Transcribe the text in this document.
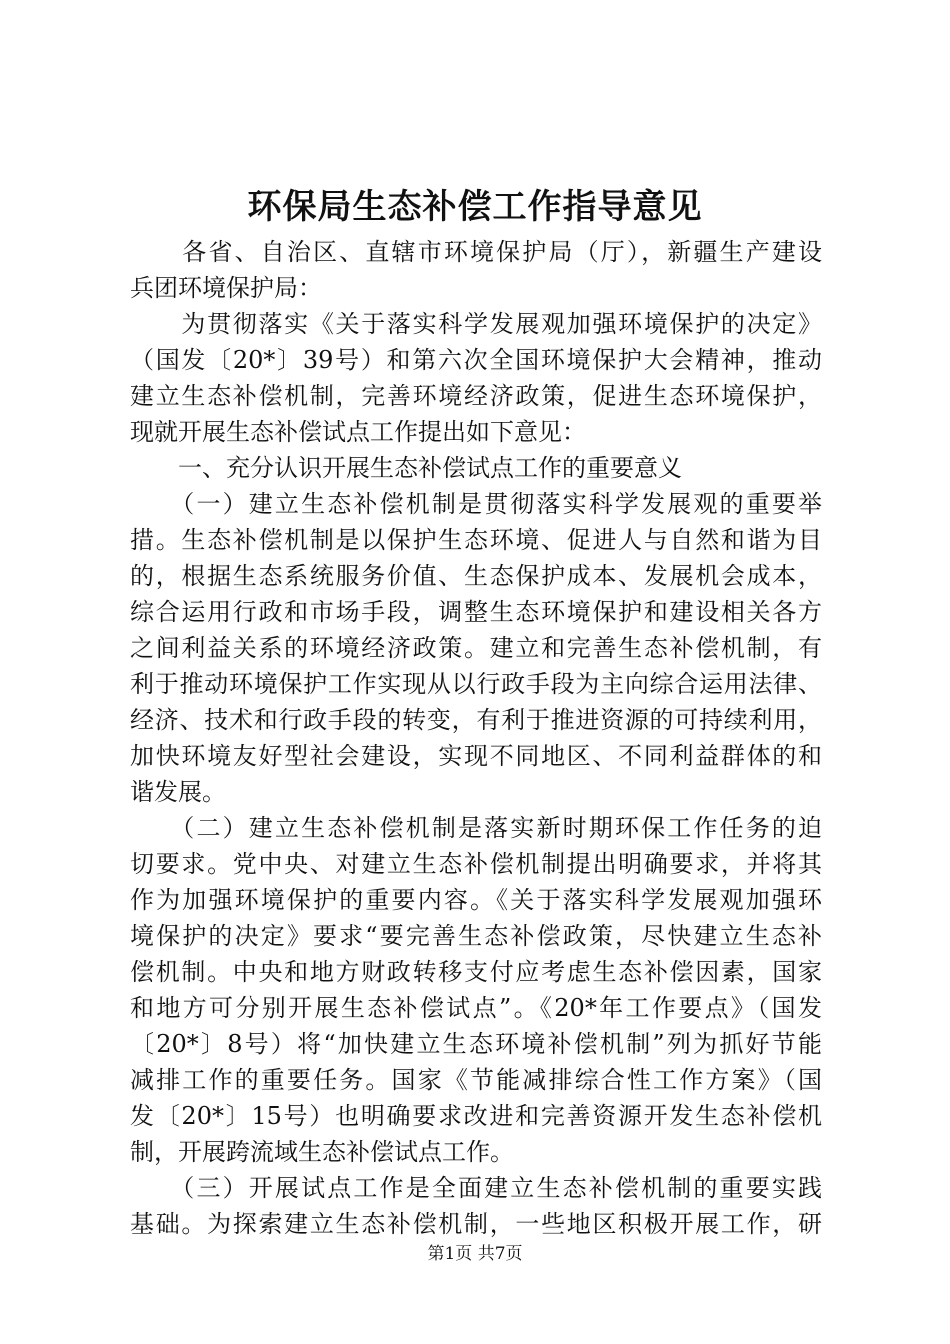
环保局生态补偿工作指导意见

　　各省、自治区、直辖市环境保护局（厅），新疆生产建设

兵团环境保护局：

　　为贯彻落实《关于落实科学发展观加强环境保护的决定》

（国发〔20*〕39号）和第六次全国环境保护大会精神，推动

建立生态补偿机制，完善环境经济政策，促进生态环境保护，

现就开展生态补偿试点工作提出如下意见：

　　一、充分认识开展生态补偿试点工作的重要意义

　　（一）建立生态补偿机制是贯彻落实科学发展观的重要举

措。生态补偿机制是以保护生态环境、促进人与自然和谐为目

的，根据生态系统服务价值、生态保护成本、发展机会成本，

综合运用行政和市场手段，调整生态环境保护和建设相关各方

之间利益关系的环境经济政策。建立和完善生态补偿机制，有

利于推动环境保护工作实现从以行政手段为主向综合运用法律、

经济、技术和行政手段的转变，有利于推进资源的可持续利用，

加快环境友好型社会建设，实现不同地区、不同利益群体的和

谐发展。

　　（二）建立生态补偿机制是落实新时期环保工作任务的迫

切要求。党中央、对建立生态补偿机制提出明确要求，并将其

作为加强环境保护的重要内容。《关于落实科学发展观加强环

境保护的决定》要求“要完善生态补偿政策，尽快建立生态补

偿机制。中央和地方财政转移支付应考虑生态补偿因素，国家

和地方可分别开展生态补偿试点”。《20*年工作要点》（国发

〔20*〕8号）将“加快建立生态环境补偿机制”列为抓好节能

减排工作的重要任务。国家《节能减排综合性工作方案》（国

发〔20*〕15号）也明确要求改进和完善资源开发生态补偿机

制，开展跨流域生态补偿试点工作。

　　（三）开展试点工作是全面建立生态补偿机制的重要实践

基础。为探索建立生态补偿机制，一些地区积极开展工作，研

第1页 共7页
